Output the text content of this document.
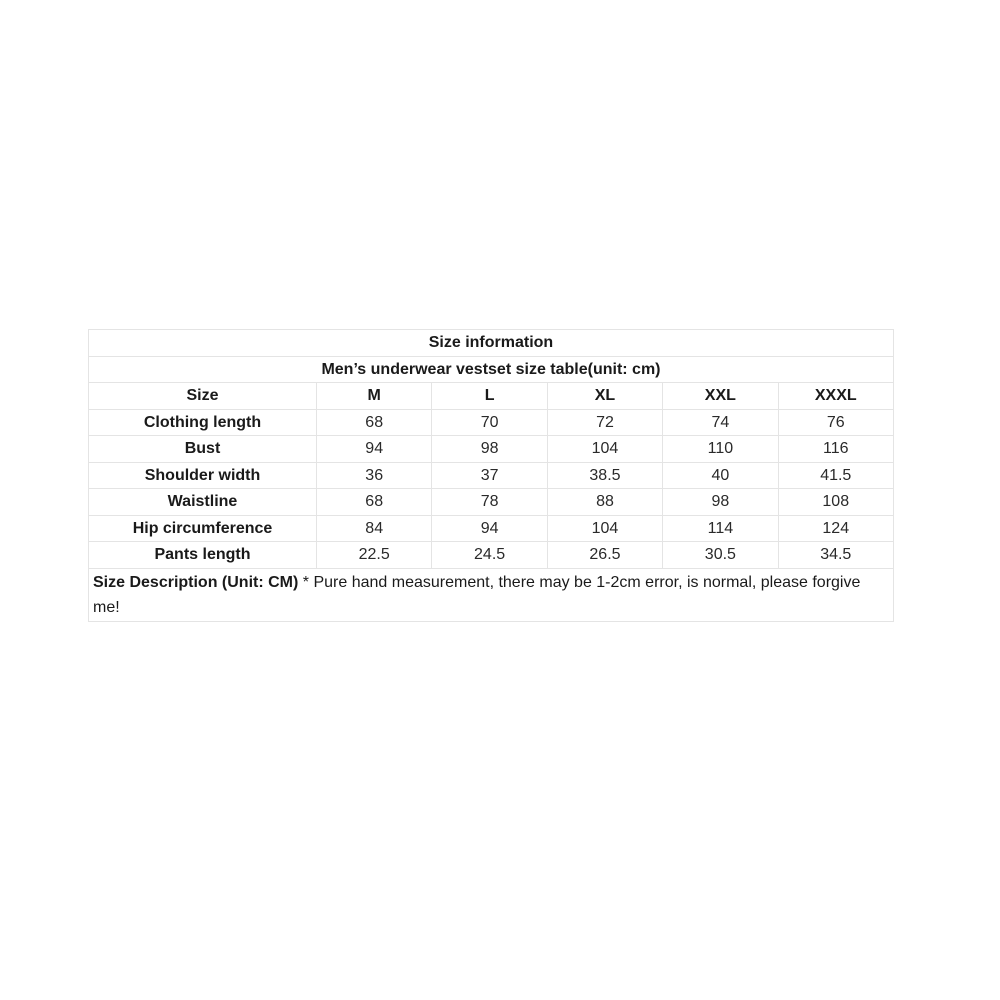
Size information					
Men’s underwear vestset size table(unit: cm)					
Size	M	L	XL	XXL	XXXL
Clothing length	68	70	72	74	76
Bust	94	98	104	110	116
Shoulder width	36	37	38.5	40	41.5
Waistline	68	78	88	98	108
Hip circumference	84	94	104	114	124
Pants length	22.5	24.5	26.5	30.5	34.5
Size Description (Unit: CM) * Pure hand measurement, there may be 1-2cm error, is normal, please forgive me!					
